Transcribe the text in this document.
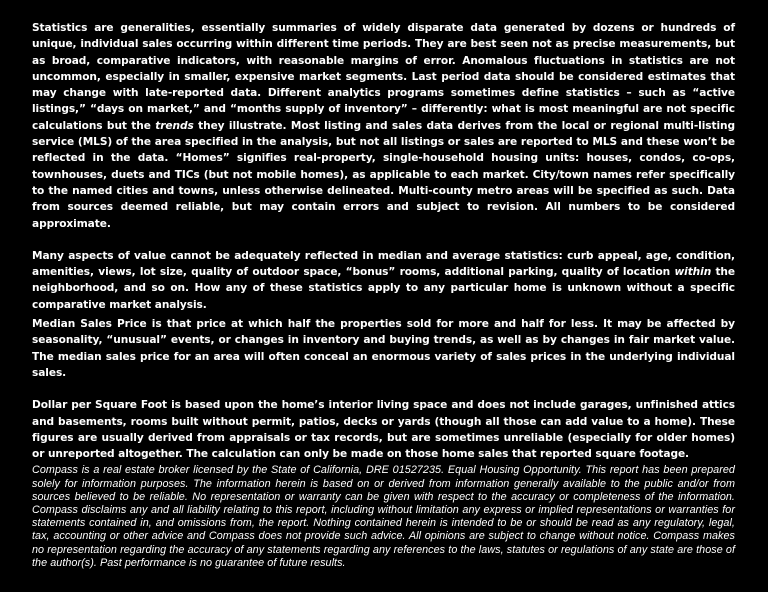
Statistics are generalities, essentially summaries of widely disparate data generated by dozens or hundreds of unique, individual sales occurring within different time periods. They are best seen not as precise measurements, but as broad, comparative indicators, with reasonable margins of error. Anomalous fluctuations in statistics are not uncommon, especially in smaller, expensive market segments. Last period data should be considered estimates that may change with late-reported data. Different analytics programs sometimes define statistics – such as “active listings,” “days on market,” and “months supply of inventory” – differently: what is most meaningful are not specific calculations but the trends they illustrate. Most listing and sales data derives from the local or regional multi-listing service (MLS) of the area specified in the analysis, but not all listings or sales are reported to MLS and these won’t be reflected in the data. “Homes” signifies real-property, single-household housing units: houses, condos, co-ops, townhouses, duets and TICs (but not mobile homes), as applicable to each market. City/town names refer specifically to the named cities and towns, unless otherwise delineated. Multi-county metro areas will be specified as such. Data from sources deemed reliable, but may contain errors and subject to revision. All numbers to be considered approximate.

Many aspects of value cannot be adequately reflected in median and average statistics: curb appeal, age, condition, amenities, views, lot size, quality of outdoor space, “bonus” rooms, additional parking, quality of location within the neighborhood, and so on. How any of these statistics apply to any particular home is unknown without a specific comparative market analysis.

Median Sales Price is that price at which half the properties sold for more and half for less. It may be affected by seasonality, “unusual” events, or changes in inventory and buying trends, as well as by changes in fair market value. The median sales price for an area will often conceal an enormous variety of sales prices in the underlying individual sales.

Dollar per Square Foot is based upon the home’s interior living space and does not include garages, unfinished attics and basements, rooms built without permit, patios, decks or yards (though all those can add value to a home). These figures are usually derived from appraisals or tax records, but are sometimes unreliable (especially for older homes) or unreported altogether. The calculation can only be made on those home sales that reported square footage.

Compass is a real estate broker licensed by the State of California, DRE 01527235. Equal Housing Opportunity. This report has been prepared solely for information purposes. The information herein is based on or derived from information generally available to the public and/or from sources believed to be reliable. No representation or warranty can be given with respect to the accuracy or completeness of the information. Compass disclaims any and all liability relating to this report, including without limitation any express or implied representations or warranties for statements contained in, and omissions from, the report. Nothing contained herein is intended to be or should be read as any regulatory, legal, tax, accounting or other advice and Compass does not provide such advice. All opinions are subject to change without notice. Compass makes no representation regarding the accuracy of any statements regarding any references to the laws, statutes or regulations of any state are those of the author(s). Past performance is no guarantee of future results.
